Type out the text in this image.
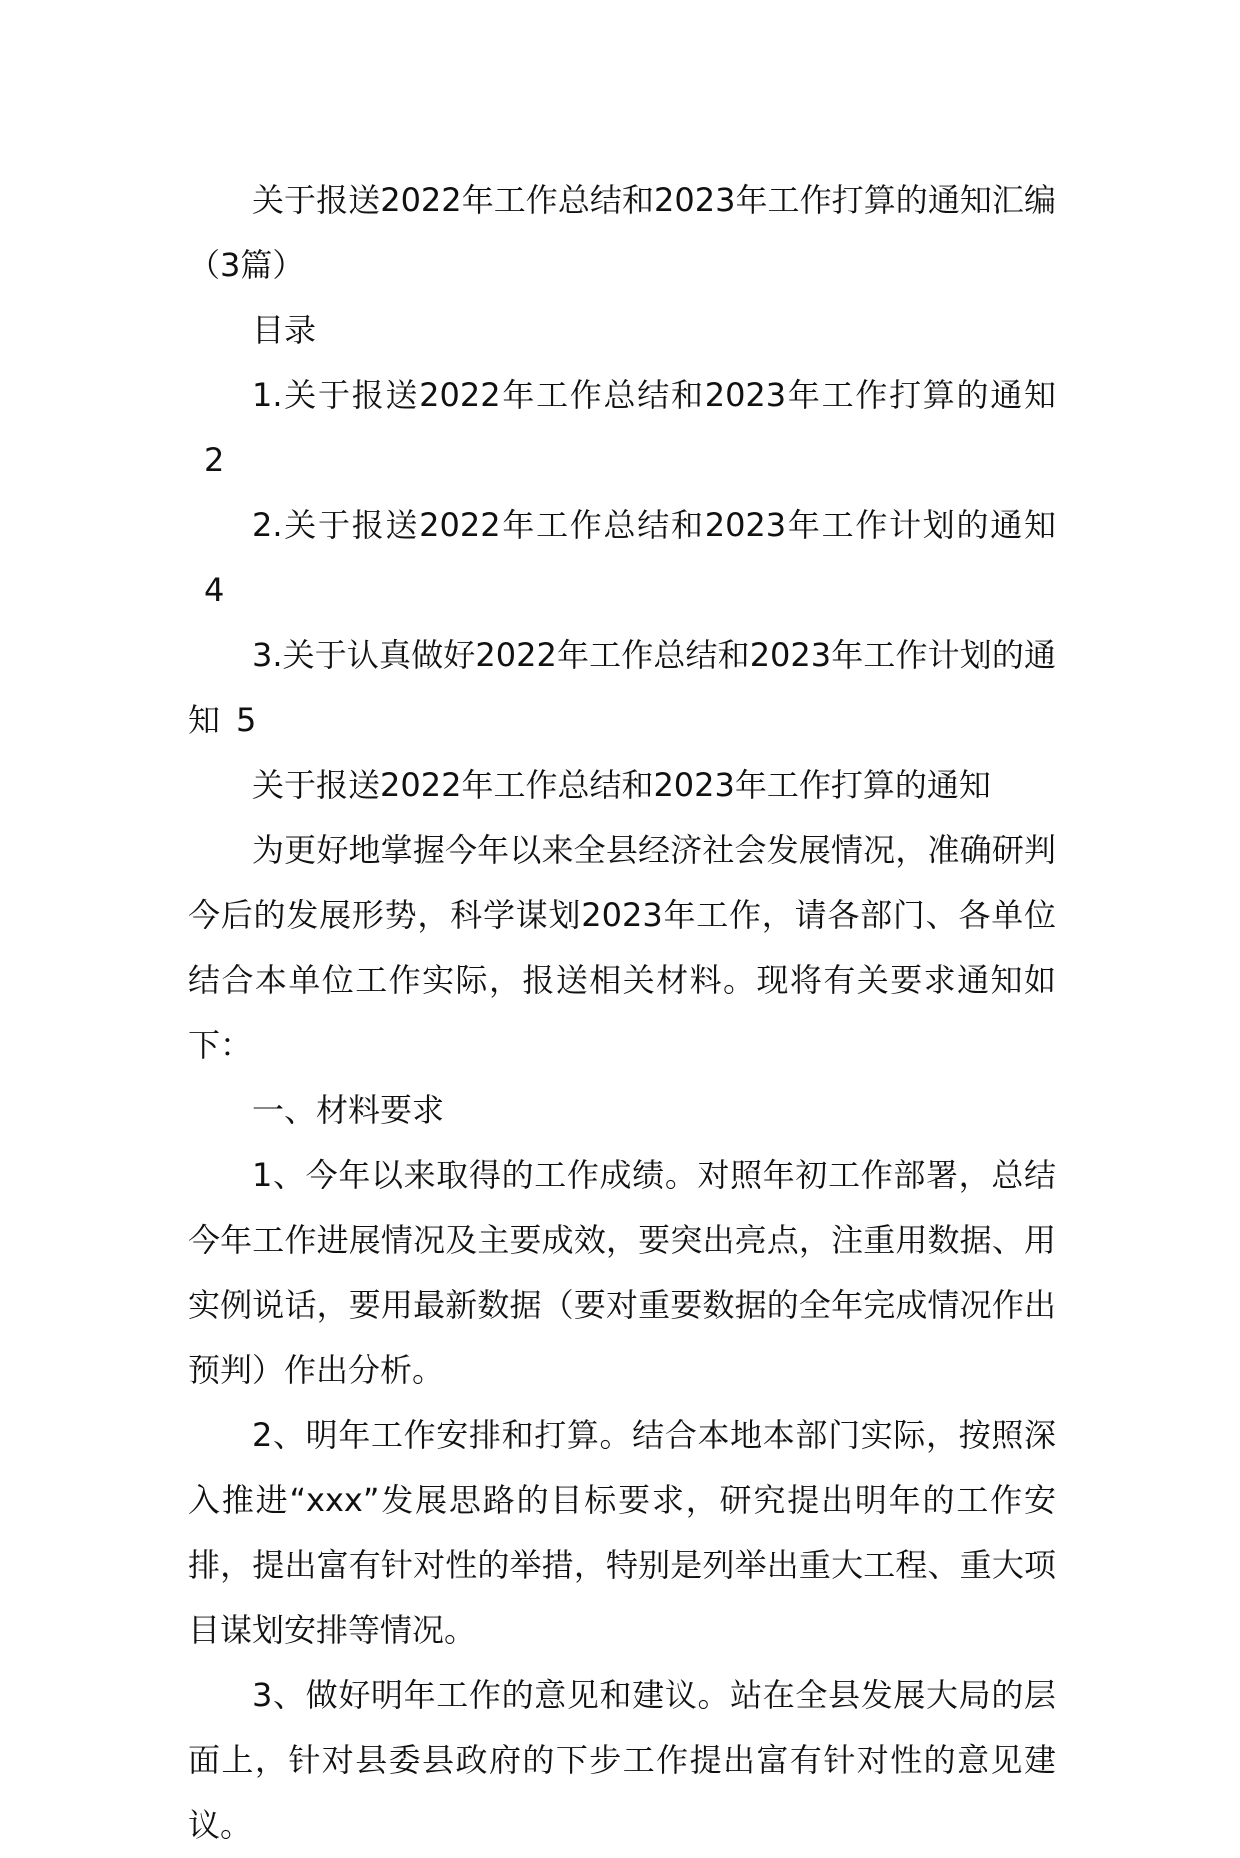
关于报送2022年工作总结和2023年工作打算的通知汇编（3篇）

目录

1.关于报送2022年工作总结和2023年工作打算的通知2

2.关于报送2022年工作总结和2023年工作计划的通知4

3.关于认真做好2022年工作总结和2023年工作计划的通知 5

关于报送2022年工作总结和2023年工作打算的通知

为更好地掌握今年以来全县经济社会发展情况，准确研判今后的发展形势，科学谋划2023年工作，请各部门、各单位结合本单位工作实际，报送相关材料。现将有关要求通知如下：

一、材料要求

1、今年以来取得的工作成绩。对照年初工作部署，总结今年工作进展情况及主要成效，要突出亮点，注重用数据、用实例说话，要用最新数据（要对重要数据的全年完成情况作出预判）作出分析。

2、明年工作安排和打算。结合本地本部门实际，按照深入推进“xxx”发展思路的目标要求，研究提出明年的工作安排，提出富有针对性的举措，特别是列举出重大工程、重大项目谋划安排等情况。

3、做好明年工作的意见和建议。站在全县发展大局的层面上，针对县委县政府的下步工作提出富有针对性的意见建议。
